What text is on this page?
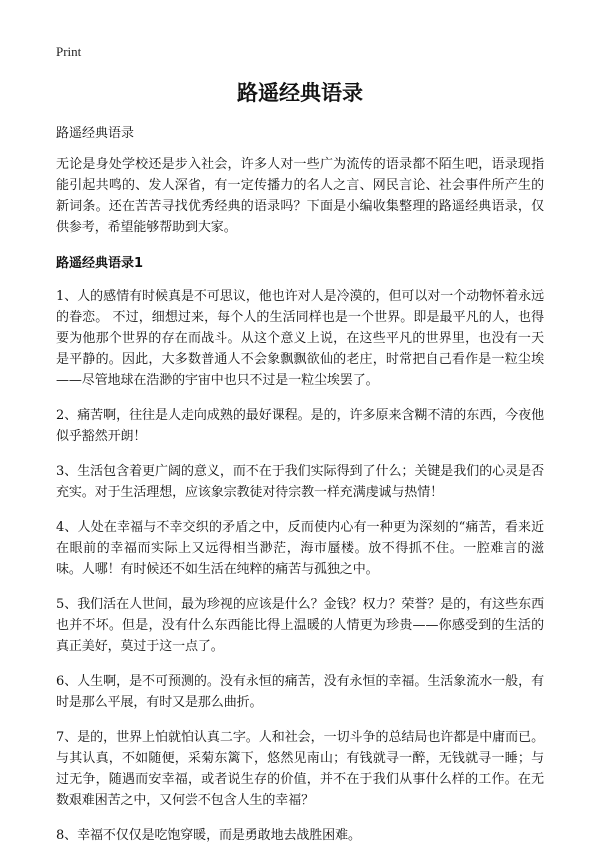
Print
路遥经典语录

路遥经典语录

无论是身处学校还是步入社会，许多人对一些广为流传的语录都不陌生吧，语录现指能引起共鸣的、发人深省，有一定传播力的名人之言、网民言论、社会事件所产生的新词条。还在苦苦寻找优秀经典的语录吗？下面是小编收集整理的路遥经典语录，仅供参考，希望能够帮助到大家。

路遥经典语录1

1、人的感情有时候真是不可思议，他也许对人是冷漠的，但可以对一个动物怀着永远的眷恋。 不过，细想过来，每个人的生活同样也是一个世界。即是最平凡的人，也得要为他那个世界的存在而战斗。从这个意义上说，在这些平凡的世界里，也没有一天是平静的。因此，大多数普通人不会象飘飘欲仙的老庄，时常把自己看作是一粒尘埃——尽管地球在浩渺的宇宙中也只不过是一粒尘埃罢了。

2、痛苦啊，往往是人走向成熟的最好课程。是的，许多原来含糊不清的东西，今夜他似乎豁然开朗！

3、生活包含着更广阔的意义，而不在于我们实际得到了什么；关键是我们的心灵是否充实。对于生活理想，应该象宗教徒对待宗教一样充满虔诚与热情！

4、人处在幸福与不幸交织的矛盾之中，反而使内心有一种更为深刻的“痛苦，看来近在眼前的幸福而实际上又远得相当渺茫，海市蜃楼。放不得抓不住。一腔难言的滋味。人哪！有时候还不如生活在纯粹的痛苦与孤独之中。

5、我们活在人世间，最为珍视的应该是什么？金钱？权力？荣誉？是的，有这些东西也并不坏。但是，没有什么东西能比得上温暖的人情更为珍贵——你感受到的生活的真正美好，莫过于这一点了。

6、人生啊，是不可预测的。没有永恒的痛苦，没有永恒的幸福。生活象流水一般，有时是那么平展，有时又是那么曲折。

7、是的，世界上怕就怕认真二字。人和社会，一切斗争的总结局也许都是中庸而已。与其认真，不如随便，采菊东篱下，悠然见南山；有钱就寻一醉，无钱就寻一睡；与过无争，随遇而安幸福，或者说生存的价值，并不在于我们从事什么样的工作。在无数艰难困苦之中，又何尝不包含人生的幸福？

8、幸福不仅仅是吃饱穿暖，而是勇敢地去战胜困难。
